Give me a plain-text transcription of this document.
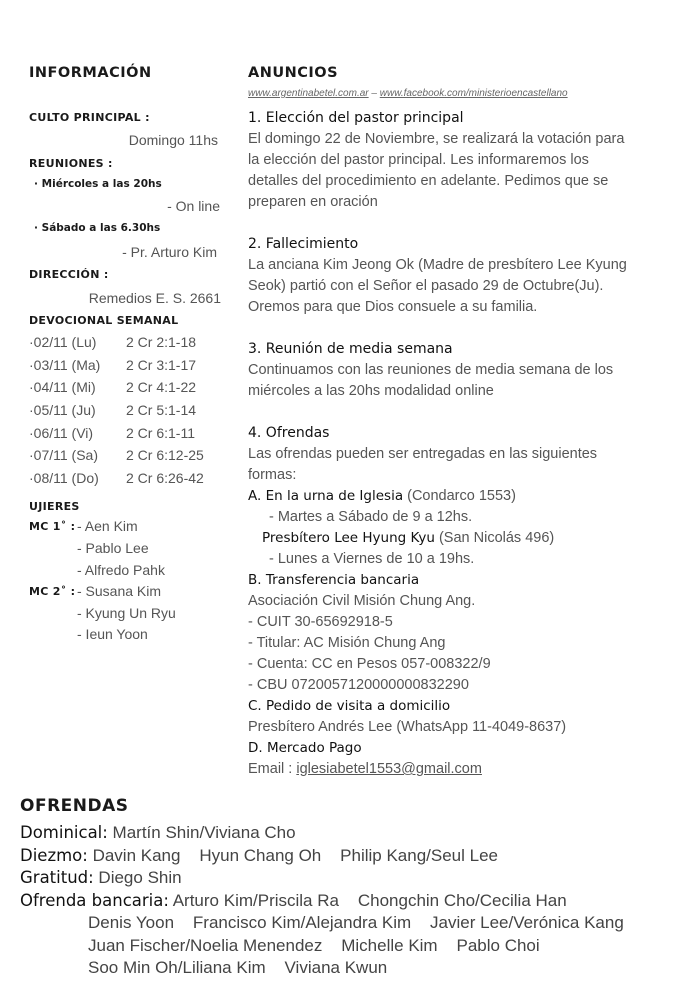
INFORMACIÓN
CULTO PRINCIPAL :
Domingo 11hs
REUNIONES :
· Miércoles a las 20hs
- On line
· Sábado a las 6.30hs
- Pr. Arturo Kim
DIRECCIÓN :
Remedios E. S. 2661
DEVOCIONAL SEMANAL
·02/11 (Lu) 2 Cr 2:1-18
·03/11 (Ma) 2 Cr 3:1-17
·04/11 (Mi) 2 Cr 4:1-22
·05/11 (Ju) 2 Cr 5:1-14
·06/11 (Vi) 2 Cr 6:1-11
·07/11 (Sa) 2 Cr 6:12-25
·08/11 (Do) 2 Cr 6:26-42
UJIERES
MC 1˚ : - Aen Kim
- Pablo Lee
- Alfredo Pahk
MC 2˚ : - Susana Kim
- Kyung Un Ryu
- Ieun Yoon
ANUNCIOS
www.argentinabetel.com.ar – www.facebook.com/ministerioencastellano
1. Elección del pastor principal
El domingo 22 de Noviembre, se realizará la votación para
la elección del pastor principal. Les informaremos los
detalles del procedimiento en adelante. Pedimos que se
preparen en oración
2. Fallecimiento
La anciana Kim Jeong Ok (Madre de presbítero Lee Kyung
Seok) partió con el Señor el pasado 29 de Octubre(Ju).
Oremos para que Dios consuele a su familia.
3. Reunión de media semana
Continuamos con las reuniones de media semana de los
miércoles a las 20hs modalidad online
4. Ofrendas
Las ofrendas pueden ser entregadas en las siguientes
formas:
A. En la urna de Iglesia (Condarco 1553)
- Martes a Sábado de 9 a 12hs.
Presbítero Lee Hyung Kyu (San Nicolás 496)
- Lunes a Viernes de 10 a 19hs.
B. Transferencia bancaria
Asociación Civil Misión Chung Ang.
- CUIT 30-65692918-5
- Titular: AC Misión Chung Ang
- Cuenta: CC en Pesos 057-008322/9
- CBU 0720057120000000832290
C. Pedido de visita a domicilio
Presbítero Andrés Lee (WhatsApp 11-4049-8637)
D. Mercado Pago
Email : iglesiabetel1553@gmail.com
OFRENDAS
Dominical: Martín Shin/Viviana Cho
Diezmo: Davin Kang    Hyun Chang Oh    Philip Kang/Seul Lee
Gratitud: Diego Shin
Ofrenda bancaria: Arturo Kim/Priscila Ra    Chongchin Cho/Cecilia Han
Denis Yoon    Francisco Kim/Alejandra Kim    Javier Lee/Verónica Kang
Juan Fischer/Noelia Menendez    Michelle Kim    Pablo Choi
Soo Min Oh/Liliana Kim    Viviana Kwun
